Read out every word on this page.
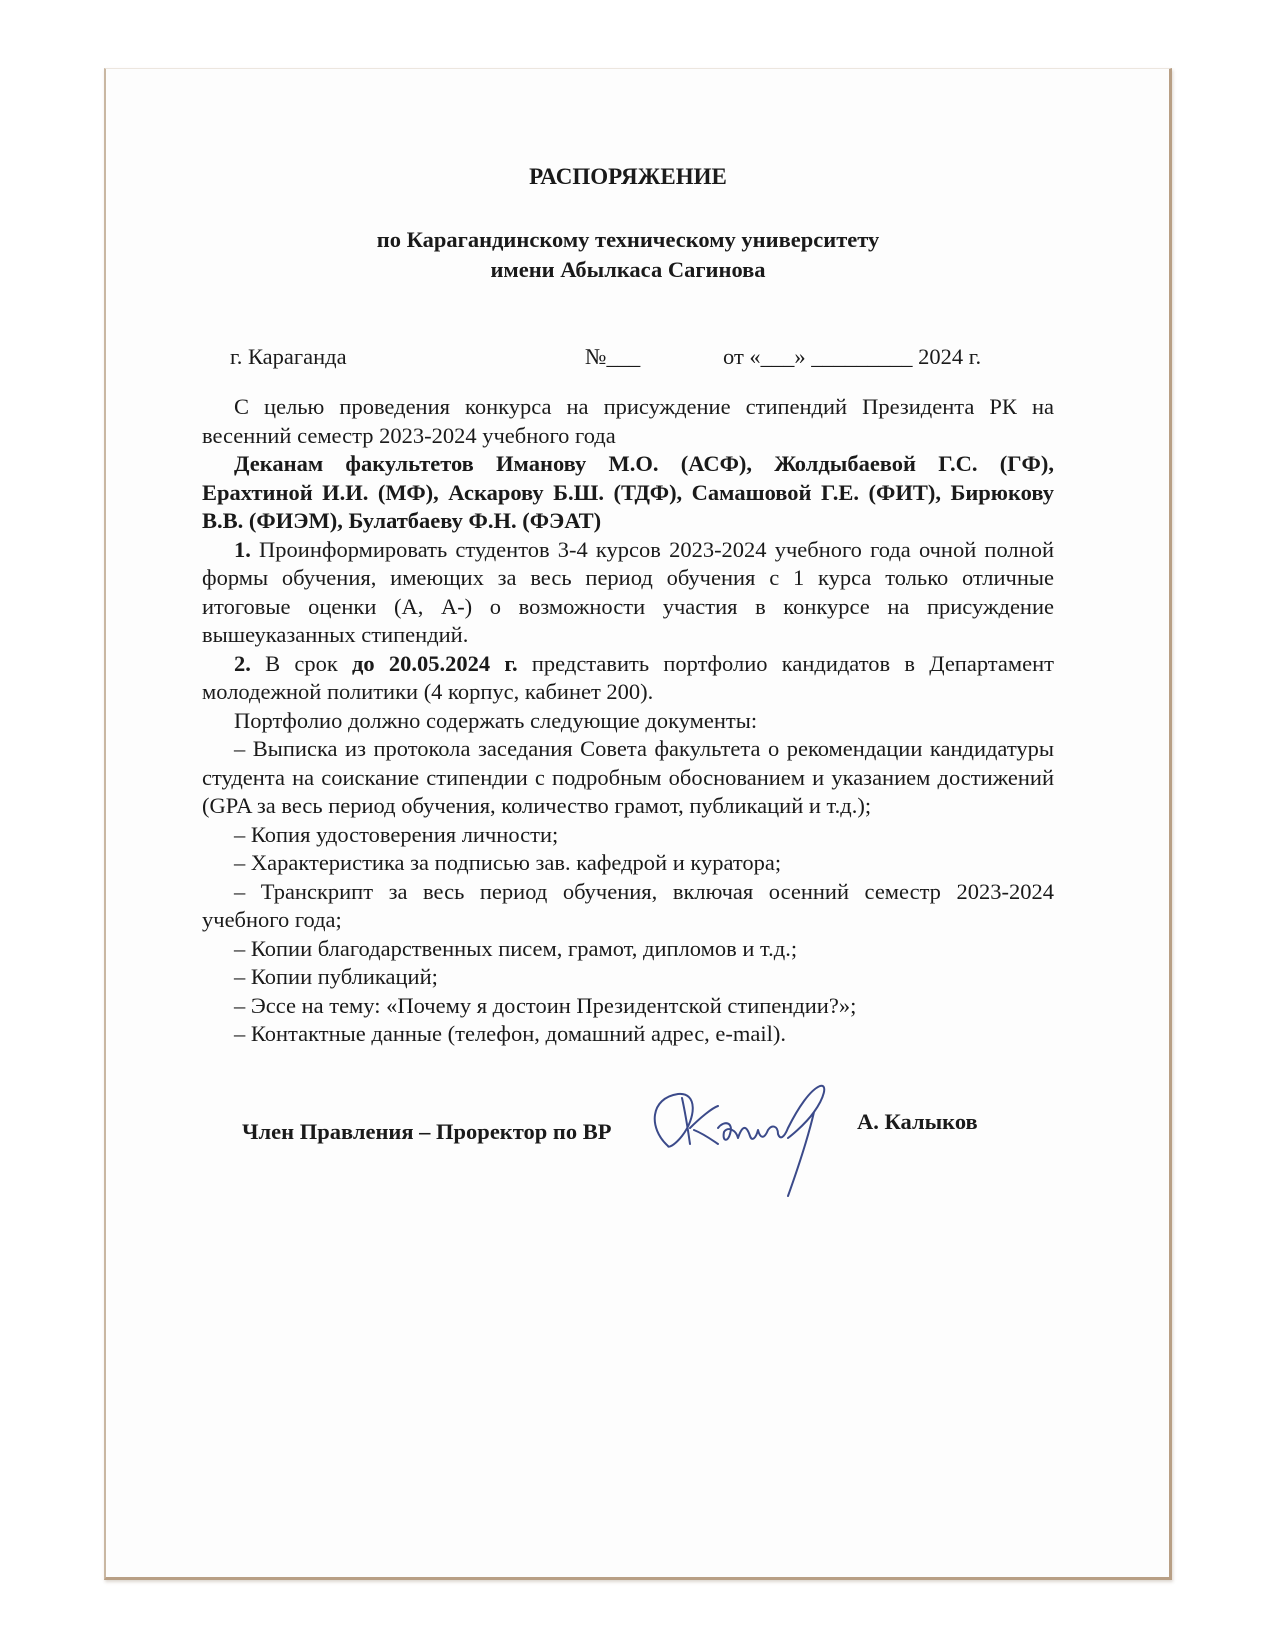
РАСПОРЯЖЕНИЕ
по Карагандинскому техническому университету
имени Абылкаса Сагинова
г. Караганда	№___	от «___» _________ 2024 г.

С целью проведения конкурса на присуждение стипендий Президента РК на весенний семестр 2023-2024 учебного года

Деканам факультетов Иманову М.О. (АСФ), Жолдыбаевой Г.С. (ГФ), Ерахтиной И.И. (МФ), Аскарову Б.Ш. (ТДФ), Самашовой Г.Е. (ФИТ), Бирюкову В.В. (ФИЭМ), Булатбаеву Ф.Н. (ФЭАТ)

1. Проинформировать студентов 3-4 курсов 2023-2024 учебного года очной полной формы обучения, имеющих за весь период обучения с 1 курса только отличные итоговые оценки (А, А-) о возможности участия в конкурсе на присуждение вышеуказанных стипендий.

2. В срок до 20.05.2024 г. представить портфолио кандидатов в Департамент молодежной политики (4 корпус, кабинет 200).

Портфолио должно содержать следующие документы:

– Выписка из протокола заседания Совета факультета о рекомендации кандидатуры студента на соискание стипендии с подробным обоснованием и указанием достижений (GPA за весь период обучения, количество грамот, публикаций и т.д.);

– Копия удостоверения личности;

– Характеристика за подписью зав. кафедрой и куратора;

– Транскрипт за весь период обучения, включая осенний семестр 2023-2024 учебного года;

– Копии благодарственных писем, грамот, дипломов и т.д.;

– Копии публикаций;

– Эссе на тему: «Почему я достоин Президентской стипендии?»;

– Контактные данные (телефон, домашний адрес, e-mail).

Член Правления – Проректор по ВР	А. Калыков
